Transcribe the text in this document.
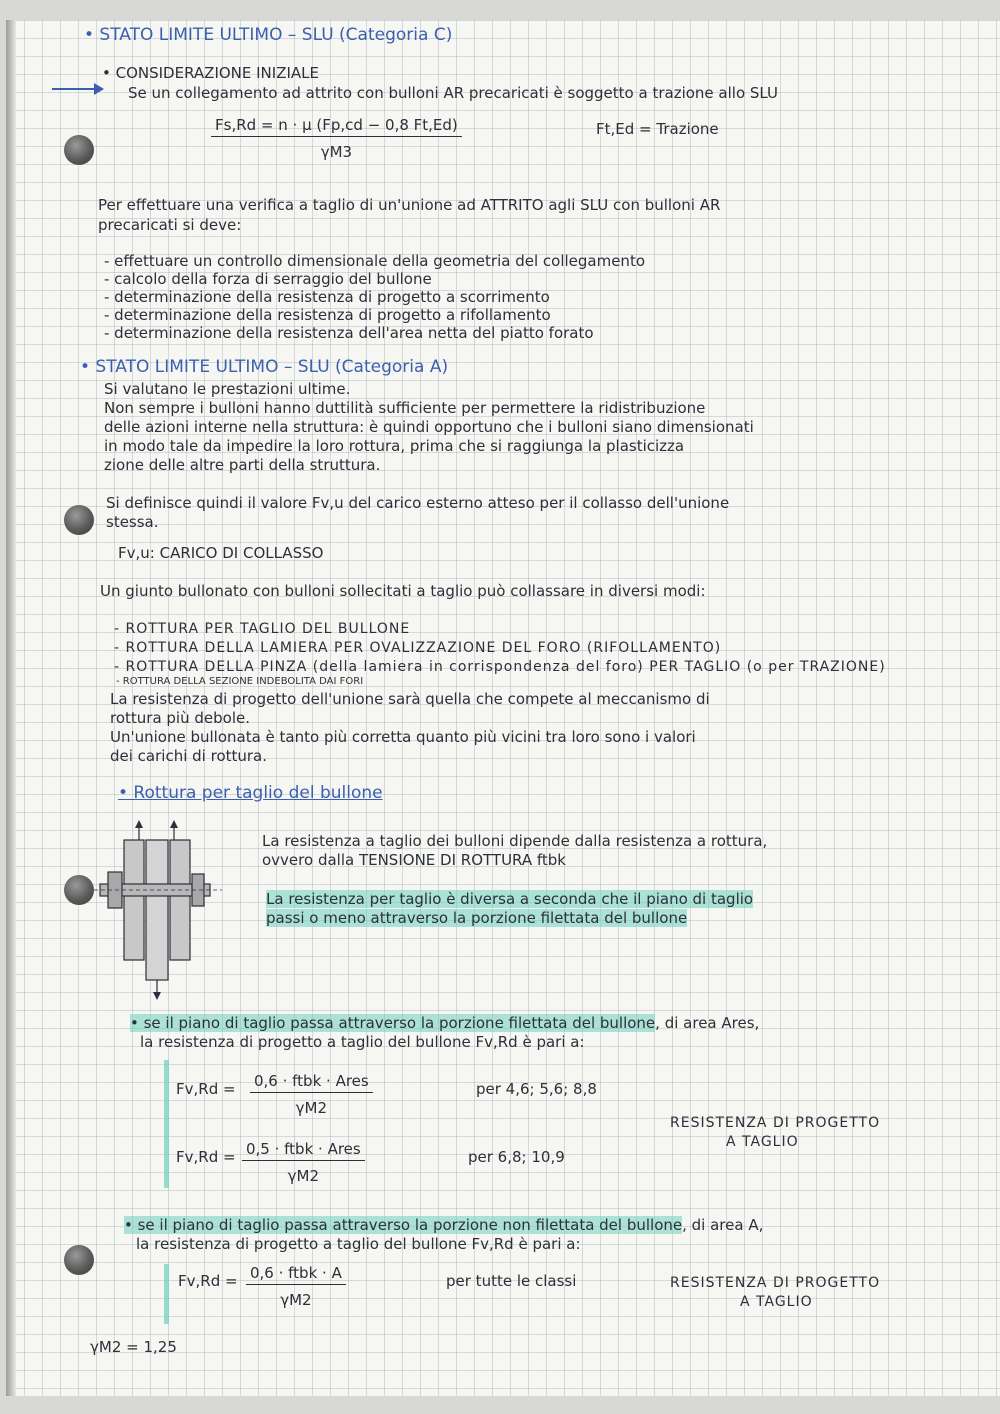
• STATO LIMITE ULTIMO – SLU (Categoria C)
• CONSIDERAZIONE INIZIALE
Se un collegamento ad attrito con bulloni AR precaricati è soggetto a trazione allo SLU
$\frac{Fs,Rd = n \cdot \mu (Fp,cd - 0,8 Ft,Ed)}{\gamma M3}$	Ft,Ed = Trazione
Per effettuare una verifica a taglio di un'unione ad ATTRITO agli SLU con bulloni AR
precaricati si deve:
- effettuare un controllo dimensionale della geometria del collegamento
- calcolo della forza di serraggio del bullone
- determinazione della resistenza di progetto a scorrimento
- determinazione della resistenza di progetto a rifollamento
- determinazione della resistenza dell'area netta del piatto forato
• STATO LIMITE ULTIMO – SLU (Categoria A)
Si valutano le prestazioni ultime.
Non sempre i bulloni hanno duttilità sufficiente per permettere la ridistribuzione
delle azioni interne nella struttura: è quindi opportuno che i bulloni siano dimensionati
in modo tale da impedire la loro rottura, prima che si raggiunga la plasticizza
zione delle altre parti della struttura.
Si definisce quindi il valore Fv,u del carico esterno atteso per il collasso dell'unione
stessa.
Fv,u: CARICO DI COLLASSO
Un giunto bullonato con bulloni sollecitati a taglio può collassare in diversi modi:
- ROTTURA PER TAGLIO DEL BULLONE
- ROTTURA DELLA LAMIERA PER OVALIZZAZIONE DEL FORO (RIFOLLAMENTO)
- ROTTURA DELLA PINZA (della lamiera in corrispondenza del foro) PER TAGLIO (o per TRAZIONE)
- ROTTURA DELLA SEZIONE INDEBOLITA DAI FORI
La resistenza di progetto dell'unione sarà quella che compete al meccanismo di
rottura più debole.
Un'unione bullonata è tanto più corretta quanto più vicini tra loro sono i valori
dei carichi di rottura.
• Rottura per taglio del bullone
La resistenza a taglio dei bulloni dipende dalla resistenza a rottura,
ovvero dalla TENSIONE DI ROTTURA ftbk
La resistenza per taglio è diversa a seconda che il piano di taglio
passi o meno attraverso la porzione filettata del bullone
• se il piano di taglio passa attraverso la porzione filettata del bullone, di area Ares,
la resistenza di progetto a taglio del bullone Fv,Rd è pari a:
Fv,Rd = 0,6 · ftbk · Ares
γM2
per 4,6; 5,6; 8,8
RESISTENZA DI PROGETTO
A TAGLIO
Fv,Rd = 0,5 · ftbk · Ares
γM2
per 6,8; 10,9
• se il piano di taglio passa attraverso la porzione non filettata del bullone, di area A,
la resistenza di progetto a taglio del bullone Fv,Rd è pari a:
Fv,Rd = 0,6 · ftbk · A
γM2
per tutte le classi	RESISTENZA DI PROGETTO
A TAGLIO
γM2 = 1,25
